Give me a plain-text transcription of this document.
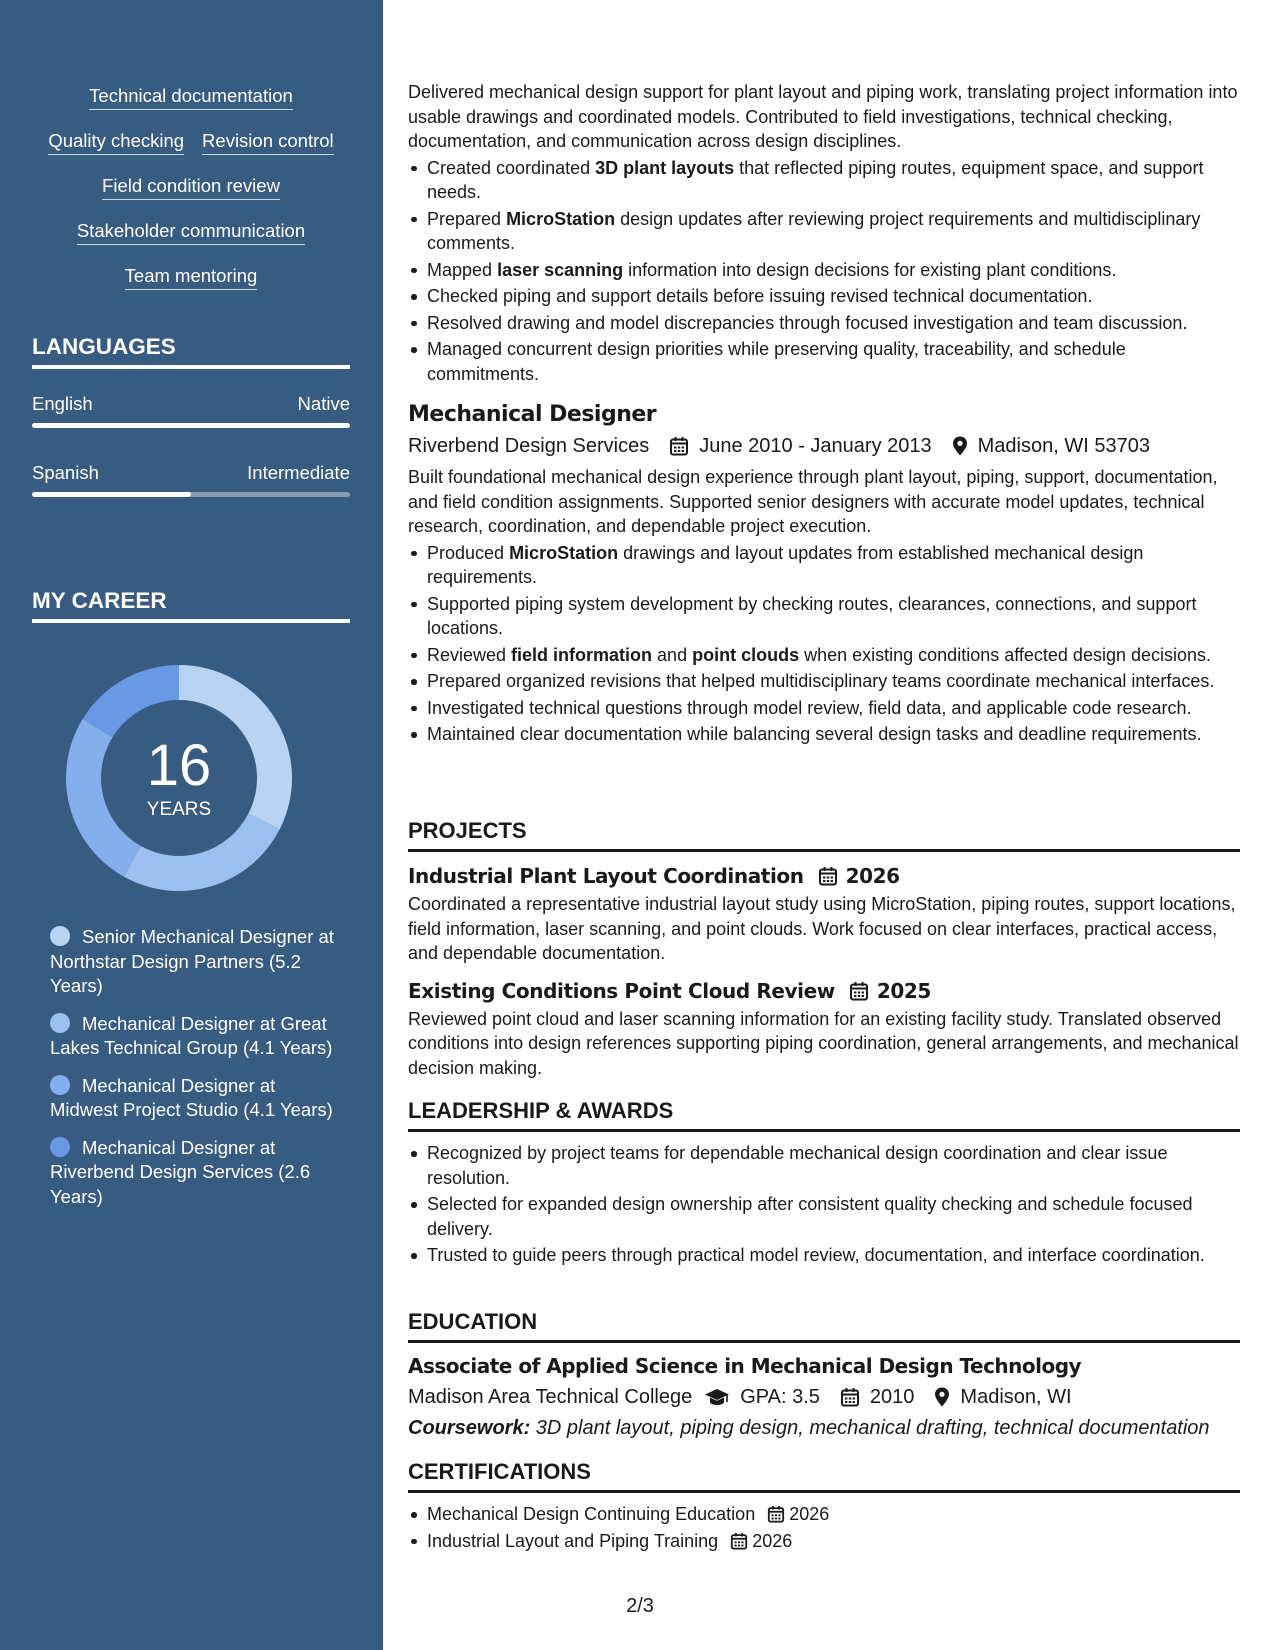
Technical documentation
Quality checking Revision control
Field condition review
Stakeholder communication
Team mentoring
LANGUAGES
English	Native
Spanish	Intermediate
MY CAREER
16
YEARS
Senior Mechanical Designer at Northstar Design Partners (5.2 Years)
Mechanical Designer at Great Lakes Technical Group (4.1 Years)
Mechanical Designer at Midwest Project Studio (4.1 Years)
Mechanical Designer at Riverbend Design Services (2.6 Years)

Delivered mechanical design support for plant layout and piping work, translating project information into usable drawings and coordinated models. Contributed to field investigations, technical checking, documentation, and communication across design disciplines.

Created coordinated 3D plant layouts that reflected piping routes, equipment space, and support needs.
Prepared MicroStation design updates after reviewing project requirements and multidisciplinary comments.
Mapped laser scanning information into design decisions for existing plant conditions.
Checked piping and support details before issuing revised technical documentation.
Resolved drawing and model discrepancies through focused investigation and team discussion.
Managed concurrent design priorities while preserving quality, traceability, and schedule commitments.
Mechanical Designer
Riverbend Design Services	June 2010 - January 2013 Madison, WI 53703

Built foundational mechanical design experience through plant layout, piping, support, documentation, and field condition assignments. Supported senior designers with accurate model updates, technical research, coordination, and dependable project execution.

Produced MicroStation drawings and layout updates from established mechanical design requirements.
Supported piping system development by checking routes, clearances, connections, and support locations.
Reviewed field information and point clouds when existing conditions affected design decisions.
Prepared organized revisions that helped multidisciplinary teams coordinate mechanical interfaces.
Investigated technical questions through model review, field data, and applicable code research.
Maintained clear documentation while balancing several design tasks and deadline requirements.
PROJECTS
Industrial Plant Layout Coordination 2026

Coordinated a representative industrial layout study using MicroStation, piping routes, support locations, field information, laser scanning, and point clouds. Work focused on clear interfaces, practical access, and dependable documentation.

Existing Conditions Point Cloud Review 2025

Reviewed point cloud and laser scanning information for an existing facility study. Translated observed conditions into design references supporting piping coordination, general arrangements, and mechanical decision making.

LEADERSHIP & AWARDS
Recognized by project teams for dependable mechanical design coordination and clear issue resolution.
Selected for expanded design ownership after consistent quality checking and schedule focused delivery.
Trusted to guide peers through practical model review, documentation, and interface coordination.
EDUCATION
Associate of Applied Science in Mechanical Design Technology
Madison Area Technical College GPA: 3.5	2010 Madison, WI
Coursework: 3D plant layout, piping design, mechanical drafting, technical documentation
CERTIFICATIONS
Mechanical Design Continuing Education 2026
Industrial Layout and Piping Training 2026
2/3
